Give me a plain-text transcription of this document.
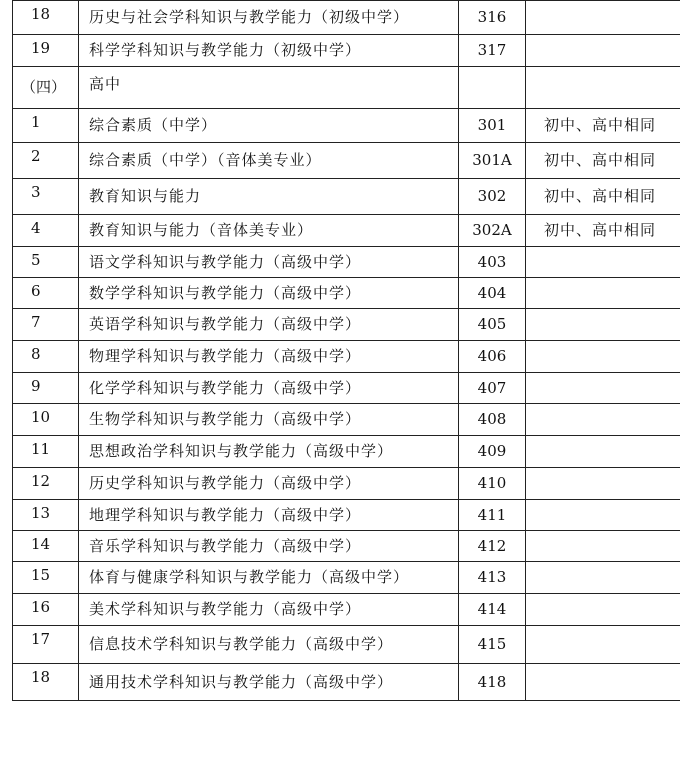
18	历史与社会学科知识与教学能力（初级中学）	316	
19	科学学科知识与教学能力（初级中学）	317	
（四）	高中		
1	综合素质（中学）	301	初中、高中相同
2	综合素质（中学）（音体美专业）	301A	初中、高中相同
3	教育知识与能力	302	初中、高中相同
4	教育知识与能力（音体美专业）	302A	初中、高中相同
5	语文学科知识与教学能力（高级中学）	403	
6	数学学科知识与教学能力（高级中学）	404	
7	英语学科知识与教学能力（高级中学）	405	
8	物理学科知识与教学能力（高级中学）	406	
9	化学学科知识与教学能力（高级中学）	407	
10	生物学科知识与教学能力（高级中学）	408	
11	思想政治学科知识与教学能力（高级中学）	409	
12	历史学科知识与教学能力（高级中学）	410	
13	地理学科知识与教学能力（高级中学）	411	
14	音乐学科知识与教学能力（高级中学）	412	
15	体育与健康学科知识与教学能力（高级中学）	413	
16	美术学科知识与教学能力（高级中学）	414	
17	信息技术学科知识与教学能力（高级中学）	415	
18	通用技术学科知识与教学能力（高级中学）	418	
